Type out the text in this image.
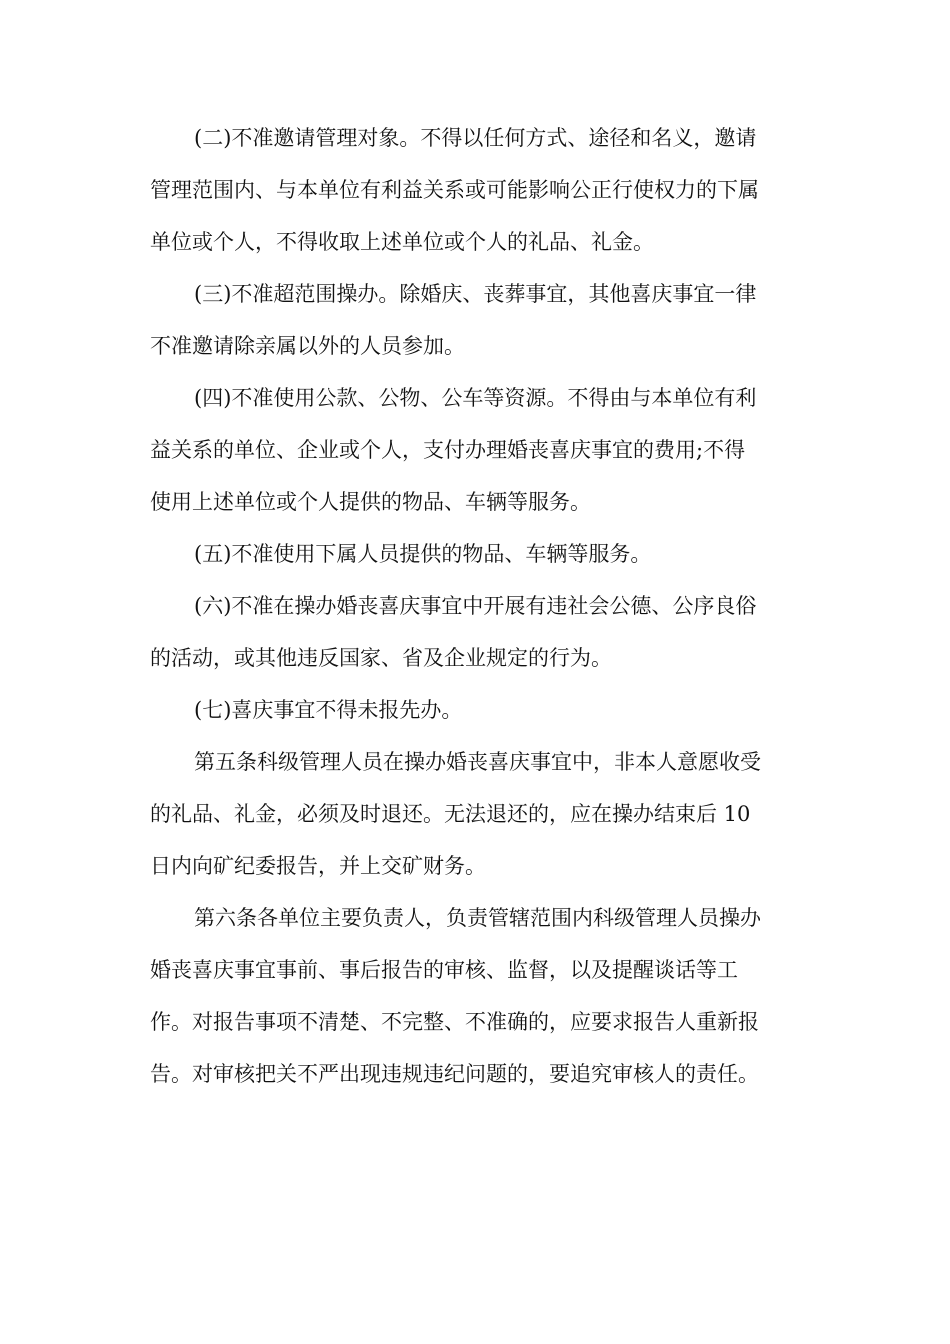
(二)不准邀请管理对象。不得以任何方式、途径和名义，邀请
管理范围内、与本单位有利益关系或可能影响公正行使权力的下属
单位或个人，不得收取上述单位或个人的礼品、礼金。
(三)不准超范围操办。除婚庆、丧葬事宜，其他喜庆事宜一律
不准邀请除亲属以外的人员参加。
(四)不准使用公款、公物、公车等资源。不得由与本单位有利
益关系的单位、企业或个人，支付办理婚丧喜庆事宜的费用;不得
使用上述单位或个人提供的物品、车辆等服务。
(五)不准使用下属人员提供的物品、车辆等服务。
(六)不准在操办婚丧喜庆事宜中开展有违社会公德、公序良俗
的活动，或其他违反国家、省及企业规定的行为。
(七)喜庆事宜不得未报先办。
第五条科级管理人员在操办婚丧喜庆事宜中，非本人意愿收受
的礼品、礼金，必须及时退还。无法退还的，应在操办结束后 10
日内向矿纪委报告，并上交矿财务。
第六条各单位主要负责人，负责管辖范围内科级管理人员操办
婚丧喜庆事宜事前、事后报告的审核、监督，以及提醒谈话等工
作。对报告事项不清楚、不完整、不准确的，应要求报告人重新报
告。对审核把关不严出现违规违纪问题的，要追究审核人的责任。
